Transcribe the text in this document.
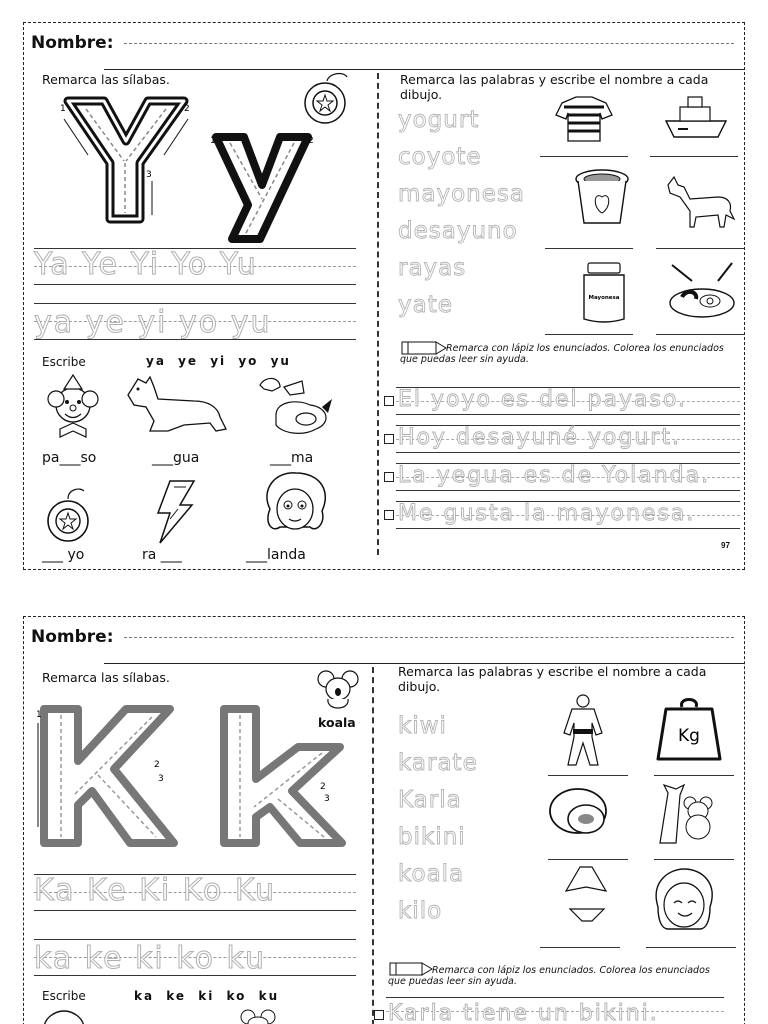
Nombre:
Remarca las sílabas.
1	2
3
1	2
Ya Ye Yi Yo Yu
ya ye yi yo yu
Escribe	ya ye yi yo yu
pa___so	___gua	___ma
___ yo	ra ___	___landa
Remarca las palabras y escribe el nombre a cada dibujo.
yogurt
coyote
mayonesa
desayuno
rayas
yate	Mayonesa
Remarca con lápiz los enunciados. Colorea los enunciados que puedas leer sin ayuda.
El yoyo es del payaso.
Hoy desayuné yogurt.
La yegua es de Yolanda.
Me gusta la mayonesa.
97
Nombre:
Remarca las sílabas.
1
2
3
2
3
koala
Ka Ke Ki Ko Ku
ka ke ki ko ku
Escribe	ka ke ki ko ku
Remarca las palabras y escribe el nombre a cada dibujo.
kiwi
karate
Karla
bikini
koala
kilo
Kg
Remarca con lápiz los enunciados. Colorea los enunciados que puedas leer sin ayuda.
Karla tiene un bikini.
